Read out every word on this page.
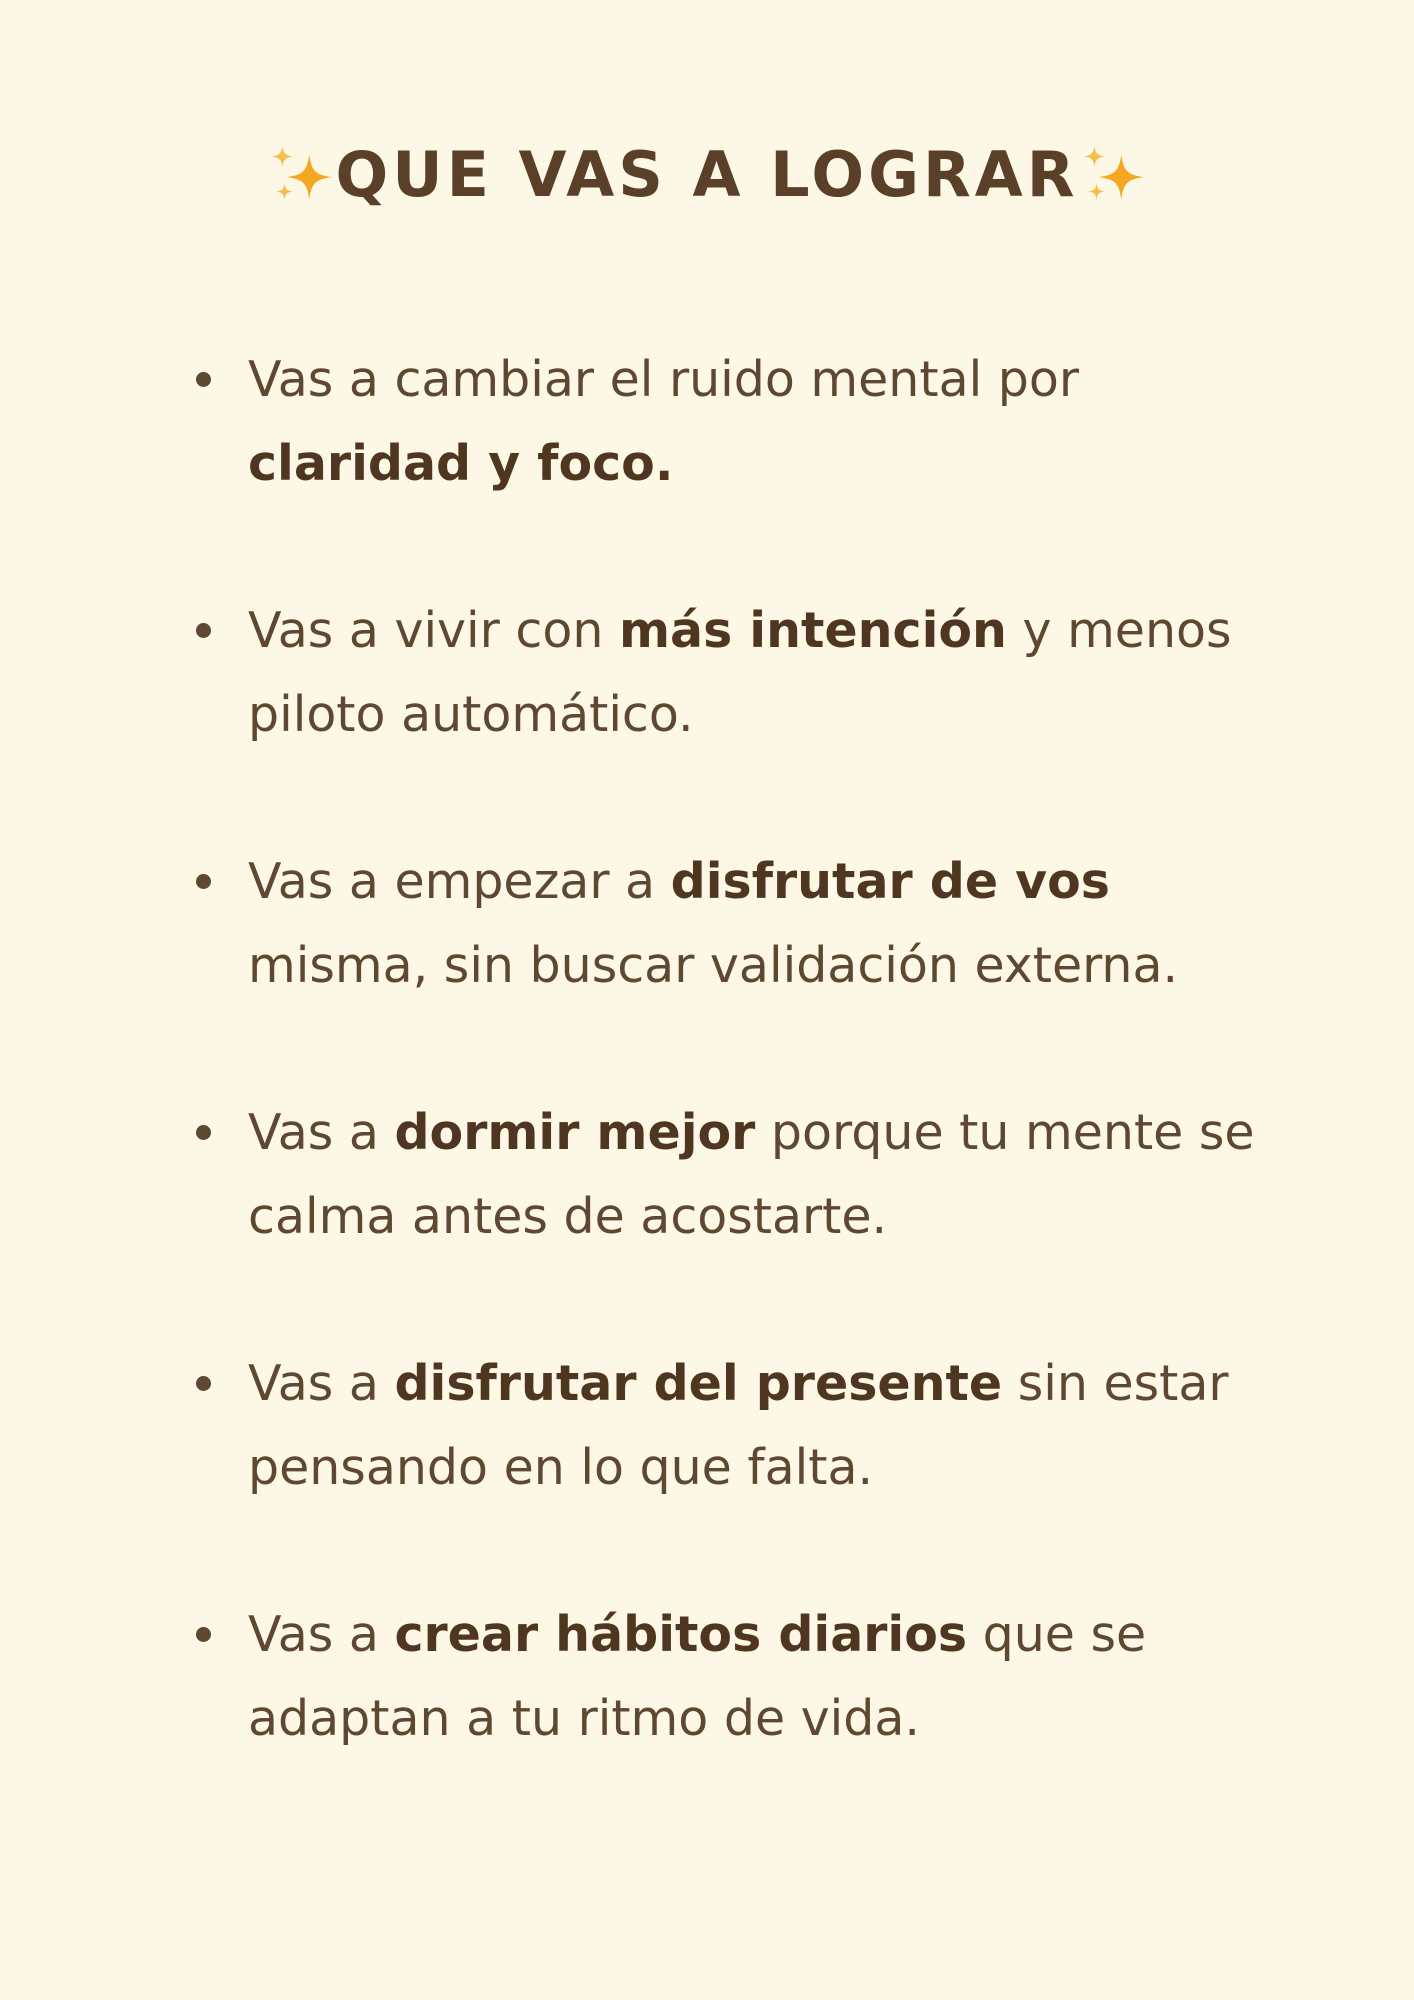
QUE VAS A LOGRAR
Vas a cambiar el ruido mental por claridad y foco.
Vas a vivir con más intención y menos piloto automático.
Vas a empezar a disfrutar de vos misma, sin buscar validación externa.
Vas a dormir mejor porque tu mente se calma antes de acostarte.
Vas a disfrutar del presente sin estar pensando en lo que falta.
Vas a crear hábitos diarios que se adaptan a tu ritmo de vida.
